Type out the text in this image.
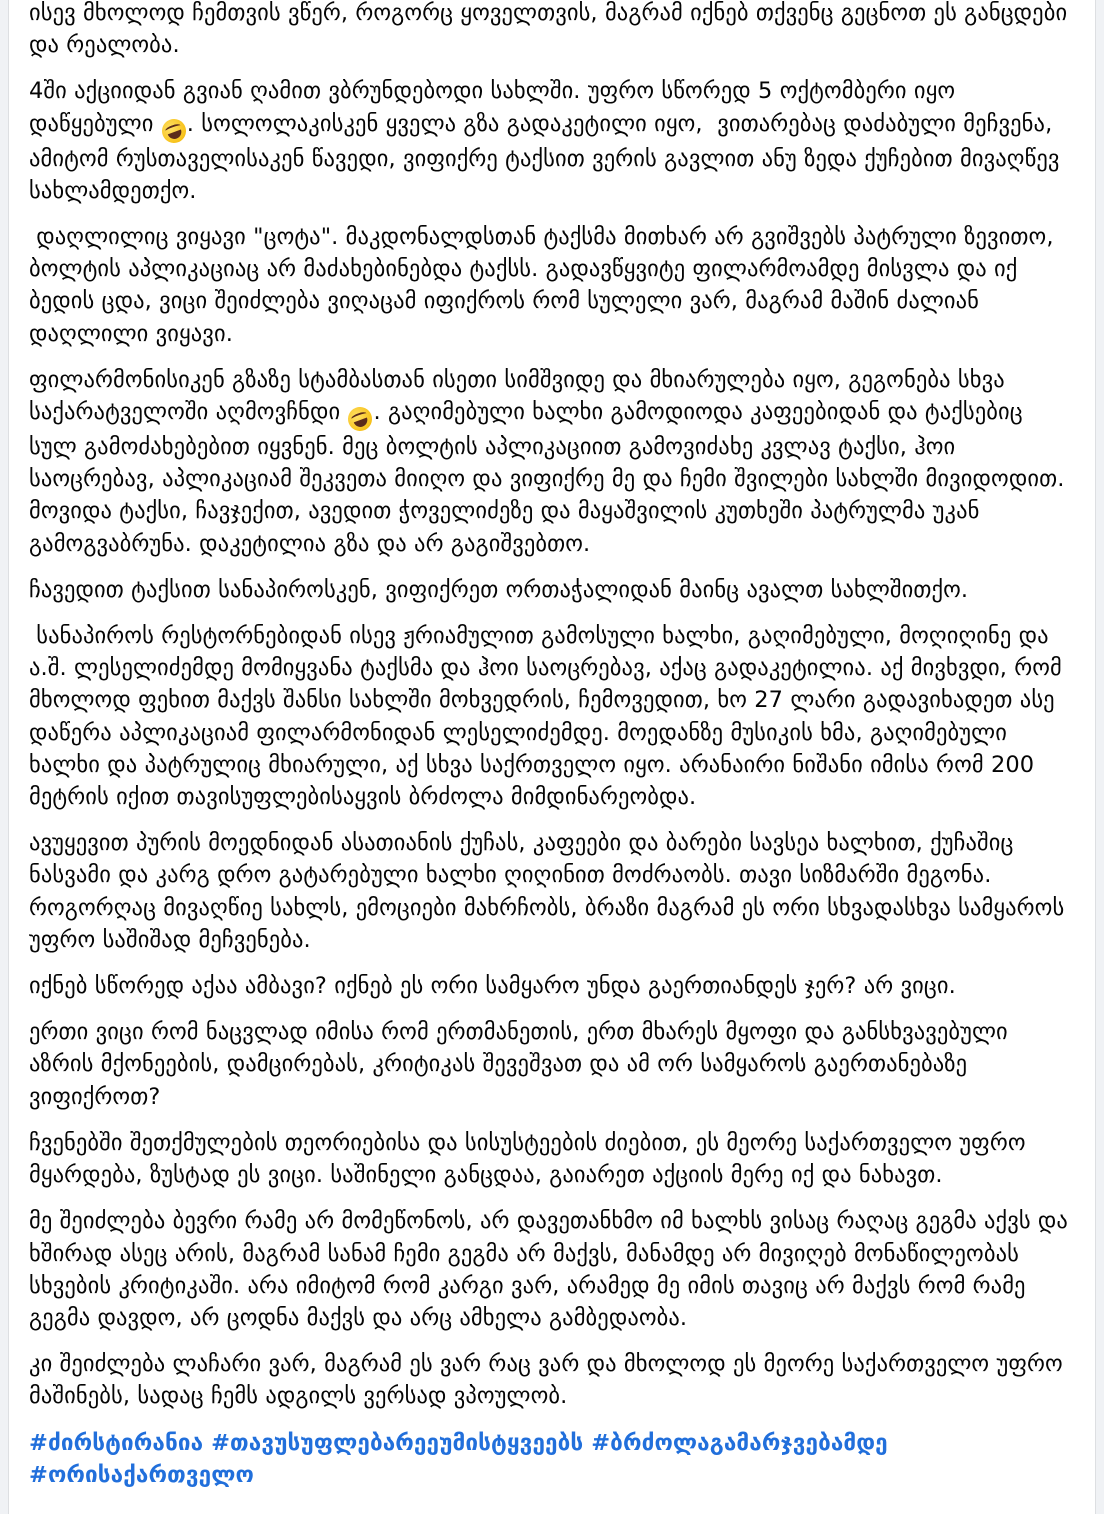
ისევ მხოლოდ ჩემთვის ვწერ, როგორც ყოველთვის, მაგრამ იქნებ თქვენც გეცნოთ ეს განცდები და რეალობა.

4ში აქციიდან გვიან ღამით ვბრუნდებოდი სახლში. უფრო სწორედ 5 ოქტომბერი იყო დაწყებული . სოლოლაკისკენ ყველა გზა გადაკეტილი იყო,  ვითარებაც დაძაბული მეჩვენა, ამიტომ რუსთაველისაკენ წავედი, ვიფიქრე ტაქსით ვერის გავლით ანუ ზედა ქუჩებით მივაღწევ სახლამდეთქო.

დაღლილიც ვიყავი "ცოტა". მაკდონალდსთან ტაქსმა მითხარ არ გვიშვებს პატრული ზევითო, ბოლტის აპლიკაციაც არ მაძახებინებდა ტაქსს. გადავწყვიტე ფილარმოამდე მისვლა და იქ ბედის ცდა, ვიცი შეიძლება ვიღაცამ იფიქროს რომ სულელი ვარ, მაგრამ მაშინ ძალიან დაღლილი ვიყავი.

ფილარმონისიკენ გზაზე სტამბასთან ისეთი სიმშვიდე და მხიარულება იყო, გეგონება სხვა საქარატველოში აღმოვჩნდი . გაღიმებული ხალხი გამოდიოდა კაფეებიდან და ტაქსებიც სულ გამოძახებებით იყვნენ. მეც ბოლტის აპლიკაციით გამოვიძახე კვლავ ტაქსი, ჰოი საოცრებავ, აპლიკაციამ შეკვეთა მიიღო და ვიფიქრე მე და ჩემი შვილები სახლში მივიდოდით. მოვიდა ტაქსი, ჩავჯექით, ავედით ჭოველიძეზე და მაყაშვილის კუთხეში პატრულმა უკან გამოგვაბრუნა. დაკეტილია გზა და არ გაგიშვებთო.

ჩავედით ტაქსით სანაპიროსკენ, ვიფიქრეთ ორთაჭალიდან მაინც ავალთ სახლშითქო.

სანაპიროს რესტორნებიდან ისევ ჟრიამულით გამოსული ხალხი, გაღიმებული, მოღიღინე და ა.შ. ლესელიძემდე მომიყვანა ტაქსმა და ჰოი საოცრებავ, აქაც გადაკეტილია. აქ მივხვდი, რომ მხოლოდ ფეხით მაქვს შანსი სახლში მოხვედრის, ჩემოვედით, ხო 27 ლარი გადავიხადეთ ასე დაწერა აპლიკაციამ ფილარმონიდან ლესელიძემდე. მოედანზე მუსიკის ხმა, გაღიმებული ხალხი და პატრულიც მხიარული, აქ სხვა საქრთველო იყო. არანაირი ნიშანი იმისა რომ 200 მეტრის იქით თავისუფლებისაყვის ბრძოლა მიმდინარეობდა.

ავუყევით პურის მოედნიდან ასათიანის ქუჩას, კაფეები და ბარები სავსეა ხალხით, ქუჩაშიც ნასვამი და კარგ დრო გატარებული ხალხი ღიღინით მოძრაობს. თავი სიზმარში მეგონა. როგორღაც მივაღწიე სახლს, ემოციები მახრჩობს, ბრაზი მაგრამ ეს ორი სხვადასხვა სამყაროს უფრო საშიშად მეჩვენება.

იქნებ სწორედ აქაა ამბავი? იქნებ ეს ორი სამყარო უნდა გაერთიანდეს ჯერ? არ ვიცი.

ერთი ვიცი რომ ნაცვლად იმისა რომ ერთმანეთის, ერთ მხარეს მყოფი და განსხვავებული აზრის მქონეების, დამცირებას, კრიტიკას შევეშვათ და ამ ორ სამყაროს გაერთანებაზე ვიფიქროთ?

ჩვენებში შეთქმულების თეორიებისა და სისუსტეების ძიებით, ეს მეორე საქართველო უფრო მყარდება, ზუსტად ეს ვიცი. საშინელი განცდაა, გაიარეთ აქციის მერე იქ და ნახავთ.

მე შეიძლება ბევრი რამე არ მომეწონოს, არ დავეთანხმო იმ ხალხს ვისაც რაღაც გეგმა აქვს და ხშირად ასეც არის, მაგრამ სანამ ჩემი გეგმა არ მაქვს, მანამდე არ მივიღებ მონაწილეობას სხვების კრიტიკაში. არა იმიტომ რომ კარგი ვარ, არამედ მე იმის თავიც არ მაქვს რომ რამე გეგმა დავდო, არ ცოდნა მაქვს და არც ამხელა გამბედაობა.

კი შეიძლება ლაჩარი ვარ, მაგრამ ეს ვარ რაც ვარ და მხოლოდ ეს მეორე საქართველო უფრო მაშინებს, სადაც ჩემს ადგილს ვერსად ვპოულობ.

#ძირსტირანია #თავუსუფლებარეეუმისტყვეებს #ბრძოლაგამარჯვებამდე #ორისაქართველო
